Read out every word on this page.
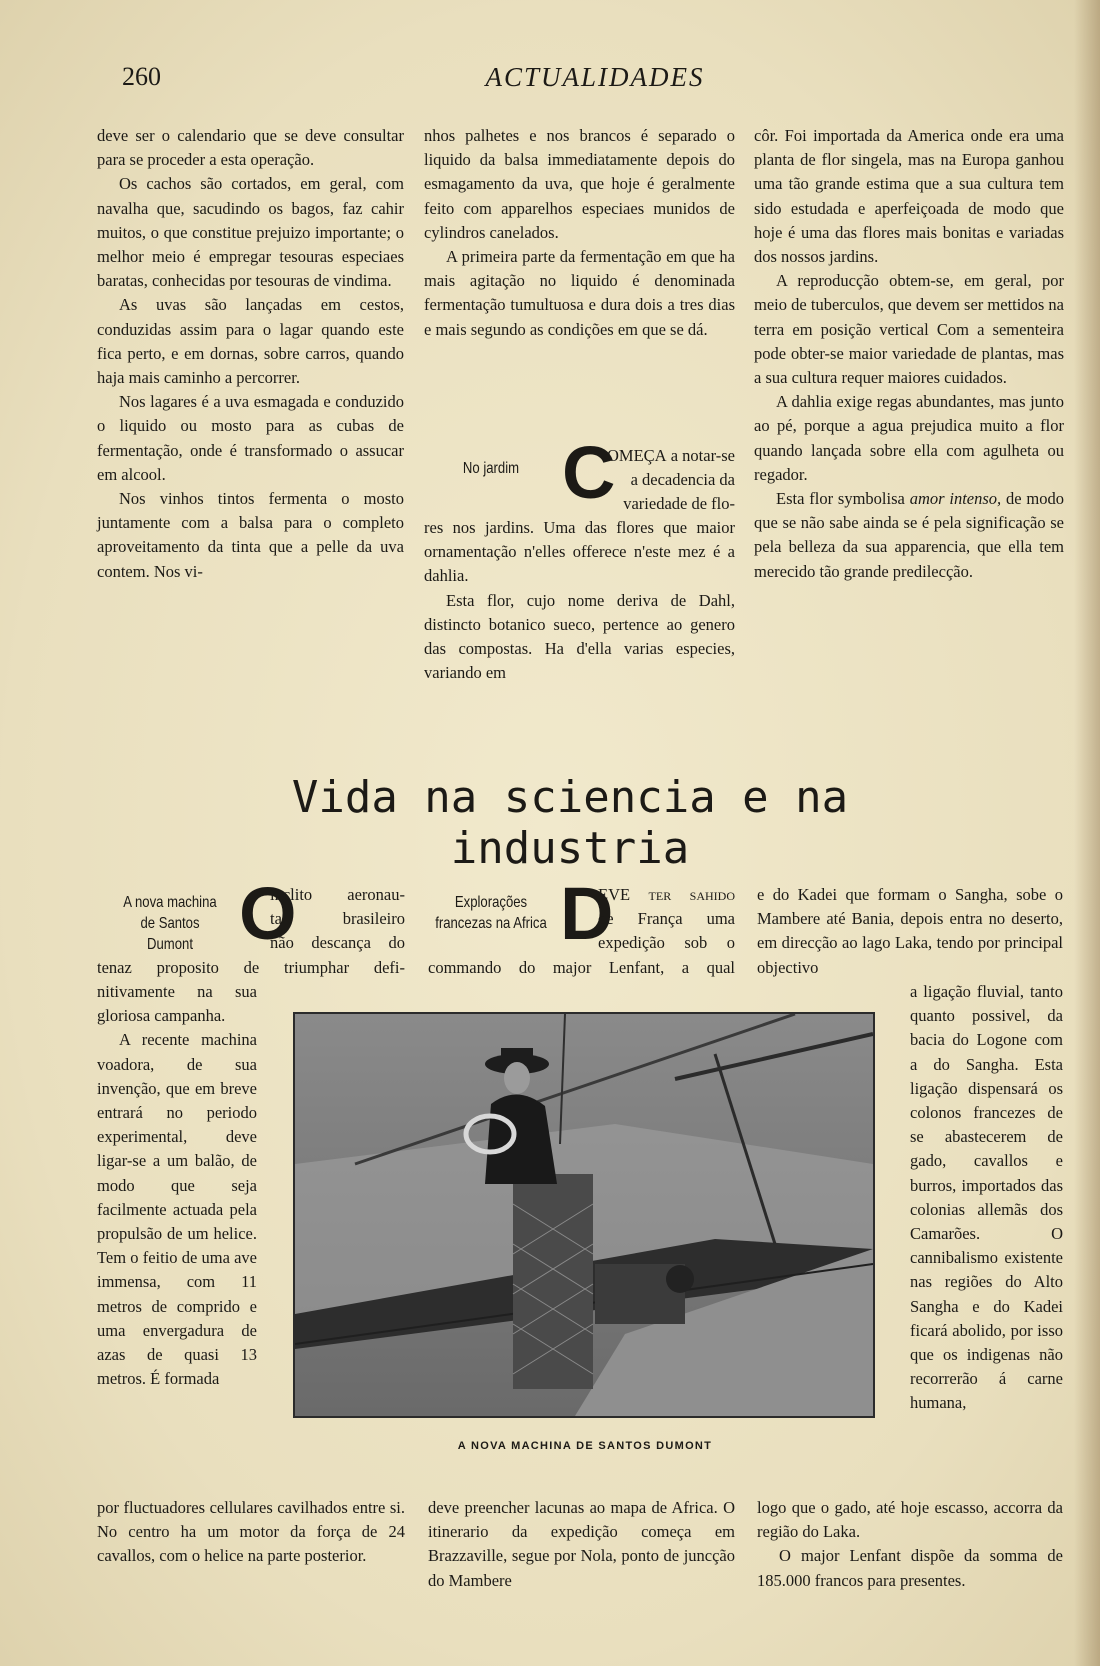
260	ACTUALIDADES

deve ser o calendario que se deve consultar para se proceder a esta operação.

Os cachos são cortados, em geral, com navalha que, sacudindo os bagos, faz cahir muitos, o que constitue prejuizo importante; o melhor meio é empregar tesouras especiaes baratas, conhecidas por tesouras de vindima.

As uvas são lançadas em cestos, conduzidas assim para o lagar quando este fica perto, e em dornas, sobre carros, quando haja mais caminho a percorrer.

Nos lagares é a uva esmagada e conduzido o liquido ou mosto para as cubas de fermentação, onde é transformado o assucar em alcool.

Nos vinhos tintos fermenta o mosto juntamente com a balsa para o completo aproveitamento da tinta que a pelle da uva contem. Nos vi-

nhos palhetes e nos brancos é separado o liquido da balsa immediatamente depois do esmagamento da uva, que hoje é geralmente feito com apparelhos especiaes munidos de cylindros canelados.

A primeira parte da fermentação em que ha mais agitação no liquido é denominada fermentação tumultuosa e dura dois a tres dias e mais segundo as condições em que se dá.

No jardim C
OMEÇA a notar-se a decadencia da variedade de flo-

res nos jardins. Uma das flores que maior ornamentação n'elles offerece n'este mez é a dahlia.

Esta flor, cujo nome deriva de Dahl, distincto botanico sueco, pertence ao genero das compostas. Ha d'ella varias especies, variando em

côr. Foi importada da America onde era uma planta de flor singela, mas na Europa ganhou uma tão grande estima que a sua cultura tem sido estudada e aperfeiçoada de modo que hoje é uma das flores mais bonitas e variadas dos nossos jardins.

A reproducção obtem-se, em geral, por meio de tuberculos, que devem ser mettidos na terra em posição vertical Com a sementeira pode obter-se maior variedade de plantas, mas a sua cultura requer maiores cuidados.

A dahlia exige regas abundantes, mas junto ao pé, porque a agua prejudica muito a flor quando lançada sobre ella com agulheta ou regador.

Esta flor symbolisa amor intenso, de modo que se não sabe ainda se é pela significação se pela belleza da sua apparencia, que ella tem merecido tão grande predilecção.

Vida na sciencia e na industria
A nova machina
de Santos Dumont O
inclito aeronau-
ta brasileiro
não descança do
tenaz proposito de triumphar defi-

nitivamente na sua gloriosa campanha.

A recente machina voadora, de sua invenção, que em breve entrará no periodo experimental, deve ligar-se a um balão, de modo que seja facilmente actuada pela propulsão de um helice. Tem o feitio de uma ave immensa, com 11 metros de comprido e uma envergadura de azas de quasi 13 metros. É formada

por fluctuadores cellulares cavilhados entre si. No centro ha um motor da força de 24 cavallos, com o helice na parte posterior.
Explorações
francezas na Africa D
EVE ter sahido
de França uma
expedição sob o
commando do major Lenfant, a qual
deve preencher lacunas ao mapa de Africa. O itinerario da expedição começa em Brazzaville, segue por Nola, ponto de juncção do Mambere
e do Kadei que formam o Sangha, sobe o Mambere até Bania, depois entra no deserto, em direcção ao lago Laka, tendo por principal objectivo
a ligação fluvial, tanto quanto possivel, da bacia do Logone com a do Sangha. Esta ligação dispensará os colonos francezes de se abastecerem de gado, cavallos e burros, importados das colonias allemãs dos Camarões. O cannibalismo existente nas regiões do Alto Sangha e do Kadei ficará abolido, por isso que os indigenas não recorrerão á carne humana,

logo que o gado, até hoje escasso, accorra da região do Laka.

O major Lenfant dispõe da somma de 185.000 francos para presentes.

A NOVA MACHINA DE SANTOS DUMONT
